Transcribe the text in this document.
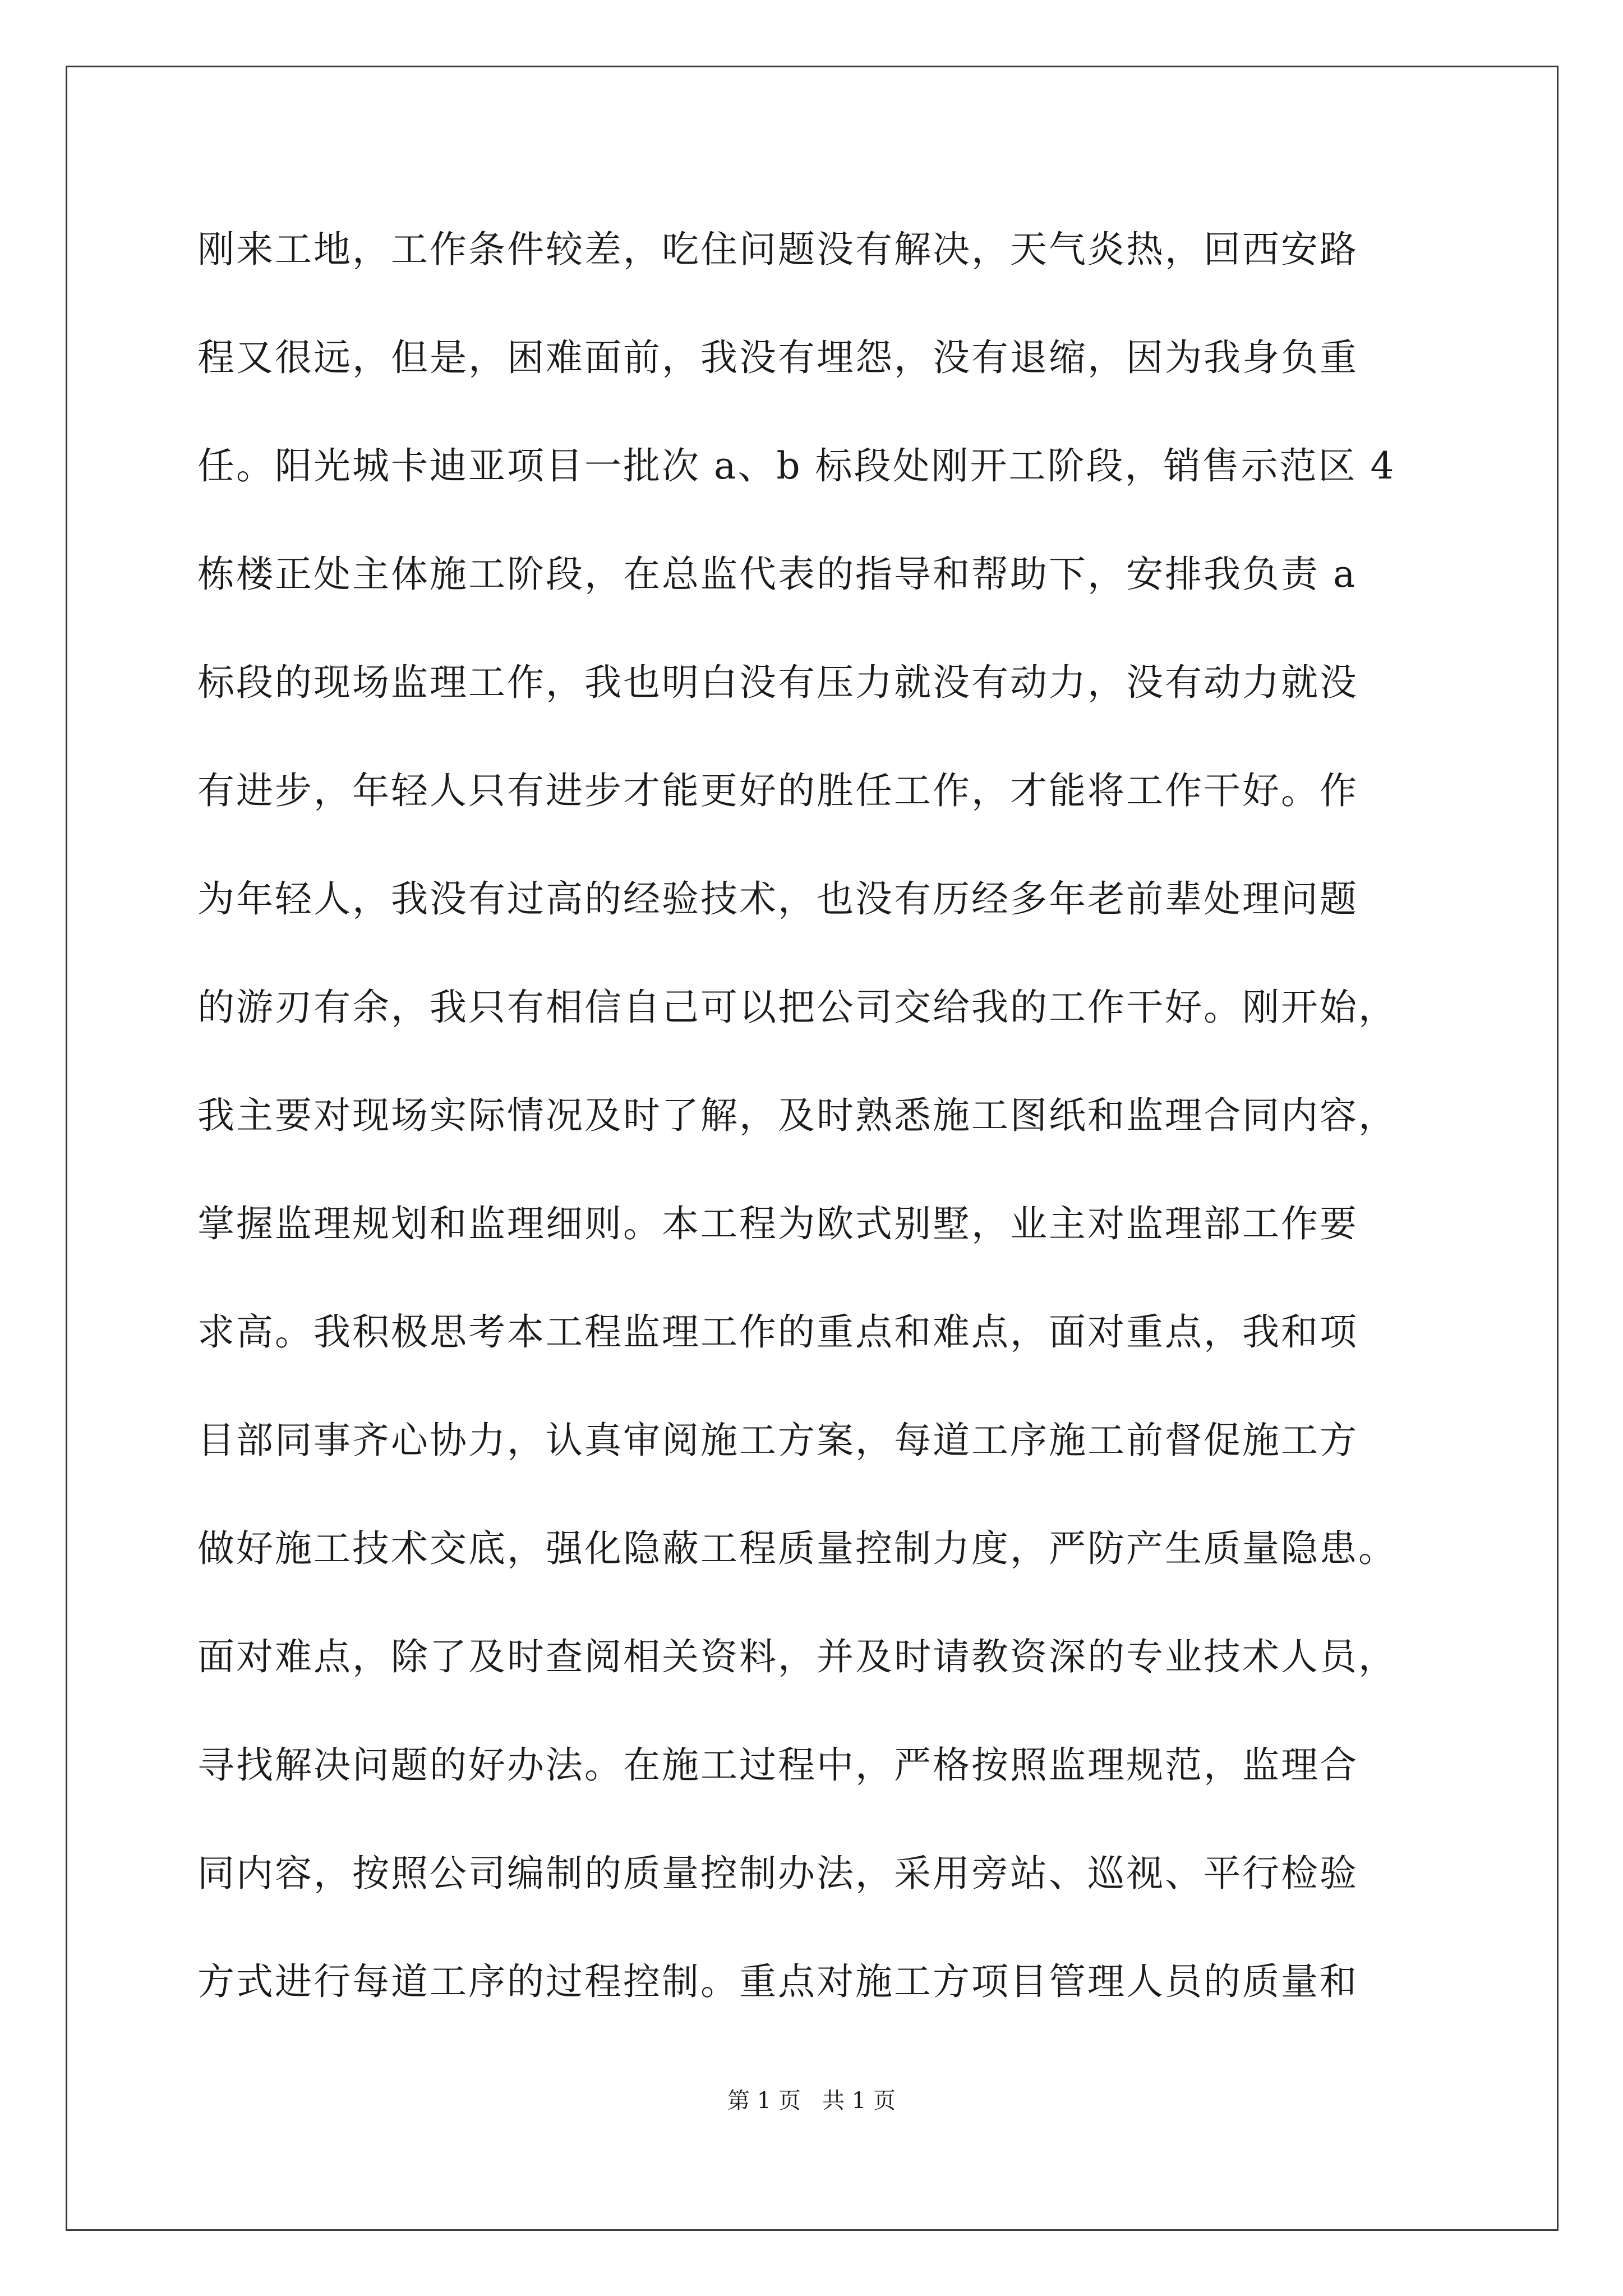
刚来工地，工作条件较差，吃住问题没有解决，天气炎热，回西安路
程又很远，但是，困难面前，我没有埋怨，没有退缩，因为我身负重
任。阳光城卡迪亚项目一批次 a、b 标段处刚开工阶段，销售示范区 4
栋楼正处主体施工阶段，在总监代表的指导和帮助下，安排我负责 a
标段的现场监理工作，我也明白没有压力就没有动力，没有动力就没
有进步，年轻人只有进步才能更好的胜任工作，才能将工作干好。作
为年轻人，我没有过高的经验技术，也没有历经多年老前辈处理问题
的游刃有余，我只有相信自己可以把公司交给我的工作干好。刚开始，
我主要对现场实际情况及时了解，及时熟悉施工图纸和监理合同内容，
掌握监理规划和监理细则。本工程为欧式别墅，业主对监理部工作要
求高。我积极思考本工程监理工作的重点和难点，面对重点，我和项
目部同事齐心协力，认真审阅施工方案，每道工序施工前督促施工方
做好施工技术交底，强化隐蔽工程质量控制力度，严防产生质量隐患。
面对难点，除了及时查阅相关资料，并及时请教资深的专业技术人员，
寻找解决问题的好办法。在施工过程中，严格按照监理规范，监理合
同内容，按照公司编制的质量控制办法，采用旁站、巡视、平行检验
方式进行每道工序的过程控制。重点对施工方项目管理人员的质量和
第 1 页   共 1 页
